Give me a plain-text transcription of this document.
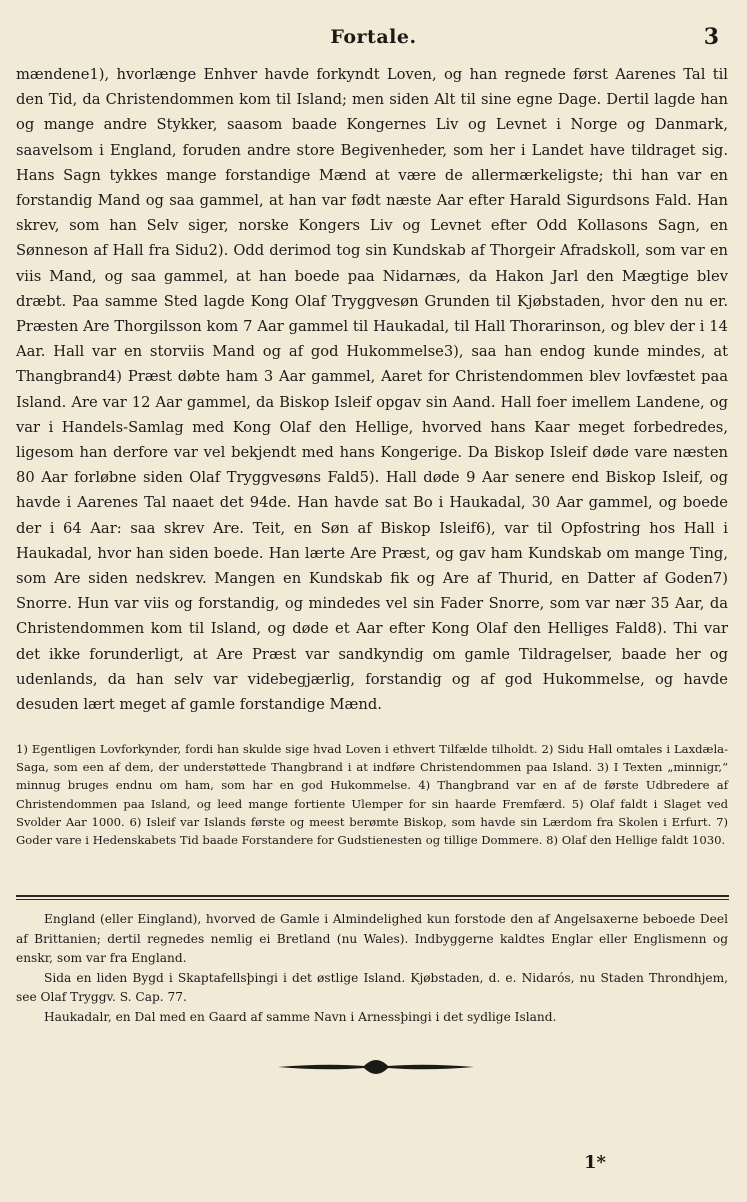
Fortale.	3

mændene1), hvorlænge Enhver havde forkyndt Loven, og han regnede først Aarenes Tal til den Tid, da Christendommen kom til Island; men siden Alt til sine egne Dage. Dertil lagde han og mange andre Stykker, saasom baade Kongernes Liv og Levnet i Norge og Danmark, saavelsom i England, foruden andre store Begivenheder, som her i Landet have tildraget sig. Hans Sagn tykkes mange forstandige Mænd at være de allermærkeligste; thi han var en forstandig Mand og saa gammel, at han var født næste Aar efter Harald Sigurdsons Fald. Han skrev, som han Selv siger, norske Kongers Liv og Levnet efter Odd Kollasons Sagn, en Sønneson af Hall fra Sidu2). Odd derimod tog sin Kundskab af Thorgeir Afradskoll, som var en viis Mand, og saa gammel, at han boede paa Nidarnæs, da Hakon Jarl den Mægtige blev dræbt. Paa samme Sted lagde Kong Olaf Tryggvesøn Grunden til Kjøbstaden, hvor den nu er. Præsten Are Thorgilsson kom 7 Aar gammel til Haukadal, til Hall Thorarinson, og blev der i 14 Aar. Hall var en storviis Mand og af god Hukommelse3), saa han endog kunde mindes, at Thangbrand4) Præst døbte ham 3 Aar gammel, Aaret for Christendommen blev lovfæstet paa Island. Are var 12 Aar gammel, da Biskop Isleif opgav sin Aand. Hall foer imellem Landene, og var i Handels-Samlag med Kong Olaf den Hellige, hvorved hans Kaar meget forbedredes, ligesom han derfore var vel bekjendt med hans Kongerige. Da Biskop Isleif døde vare næsten 80 Aar forløbne siden Olaf Tryggvesøns Fald5). Hall døde 9 Aar senere end Biskop Isleif, og havde i Aarenes Tal naaet det 94de. Han havde sat Bo i Haukadal, 30 Aar gammel, og boede der i 64 Aar: saa skrev Are. Teit, en Søn af Biskop Isleif6), var til Opfostring hos Hall i Haukadal, hvor han siden boede. Han lærte Are Præst, og gav ham Kundskab om mange Ting, som Are siden nedskrev. Mangen en Kundskab fik og Are af Thurid, en Datter af Goden7) Snorre. Hun var viis og forstandig, og mindedes vel sin Fader Snorre, som var nær 35 Aar, da Christendommen kom til Island, og døde et Aar efter Kong Olaf den Helliges Fald8). Thi var det ikke forunderligt, at Are Præst var sandkyndig om gamle Tildragelser, baade her og udenlands, da han selv var videbegjærlig, forstandig og af god Hukommelse, og havde desuden lært meget af gamle forstandige Mænd.

1) Egentligen Lovforkynder, fordi han skulde sige hvad Loven i ethvert Tilfælde tilholdt. 2) Sidu Hall omtales i Laxdæla-Saga, som een af dem, der understøttede Thangbrand i at indføre Christendommen paa Island. 3) I Texten „minnigr,“ minnug bruges endnu om ham, som har en god Hukommelse. 4) Thangbrand var en af de første Udbredere af Christendommen paa Island, og leed mange fortiente Ulemper for sin haarde Fremfærd. 5) Olaf faldt i Slaget ved Svolder Aar 1000. 6) Isleif var Islands første og meest berømte Biskop, som havde sin Lærdom fra Skolen i Erfurt. 7) Goder vare i Hedenskabets Tid baade Forstandere for Gudstienesten og tillige Dommere. 8) Olaf den Hellige faldt 1030.

England (eller Eingland), hvorved de Gamle i Almindelighed kun forstode den af Angelsaxerne beboede Deel af Brittanien; dertil regnedes nemlig ei Bretland (nu Wales). Indbyggerne kaldtes Englar eller Englismenn og enskr, som var fra England.

Sida en liden Bygd i Skaptafellsþingi i det østlige Island. Kjøbstaden, d. e. Nidarós, nu Staden Throndhjem, see Olaf Tryggv. S. Cap. 77.

Haukadalr, en Dal med en Gaard af samme Navn i Arnessþingi i det sydlige Island.

1*
